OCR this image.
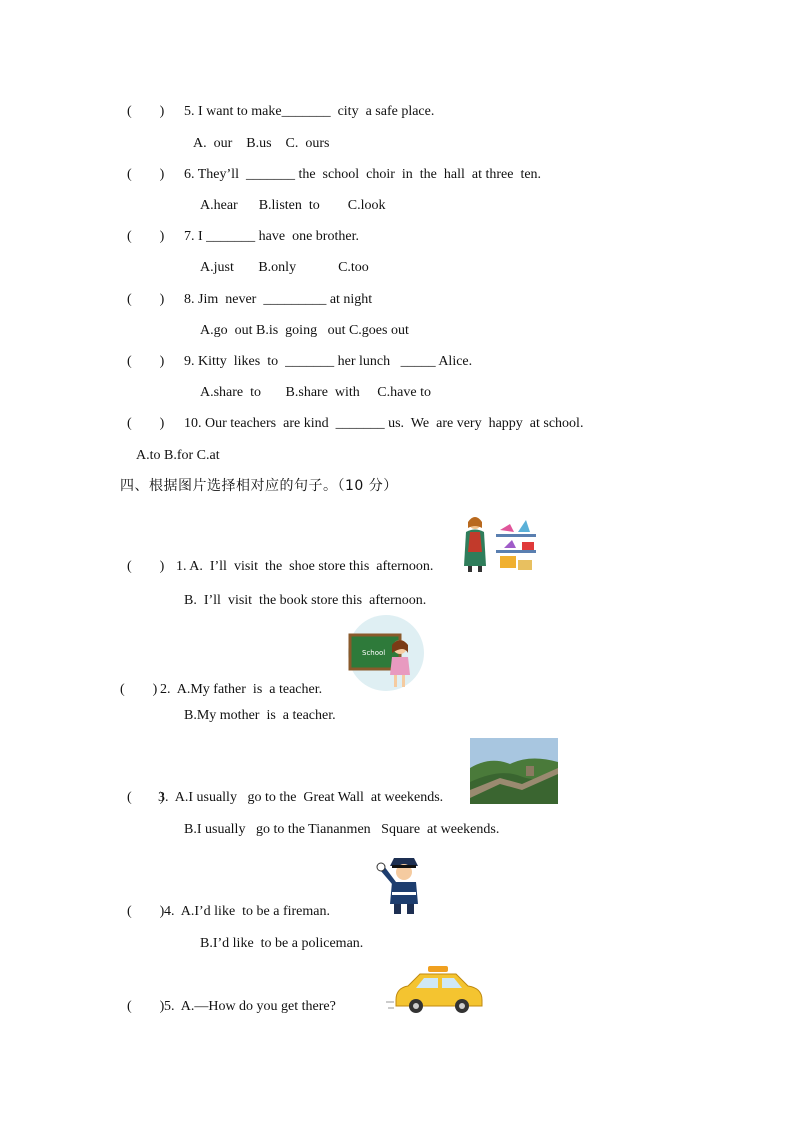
(        ) 5. I want to make_______  city  a safe place.
A.  our    B.us    C.  ours
(        ) 6. They’ll  _______ the  school  choir  in  the  hall  at three  ten.
A.hear      B.listen  to        C.look
(        ) 7. I _______ have  one brother.
A.just       B.only            C.too
(        ) 8. Jim  never  _________ at night
A.go  out B.is  going   out C.goes out
(        ) 9. Kitty  likes  to  _______ her lunch   _____ Alice.
A.share  to       B.share  with     C.have to
(        ) 10. Our teachers  are kind  _______ us.  We  are very  happy  at school.
A.to B.for C.at
四、根据图片选择相对应的句子。（10 分）
(        ) 1. A.  I’ll  visit  the  shoe store this  afternoon.
B.  I’ll  visit  the book store this  afternoon.
(        ) 2.  A.My father  is  a teacher.
B.My mother  is  a teacher.
School
(        )
3.  A.I usually   go to the  Great Wall  at weekends.
B.I usually   go to the Tiananmen   Square  at weekends.
(        ) 4.  A.I’d like  to be a fireman.
B.I’d like  to be a policeman.
(        ) 5.  A.—How do you get there?
